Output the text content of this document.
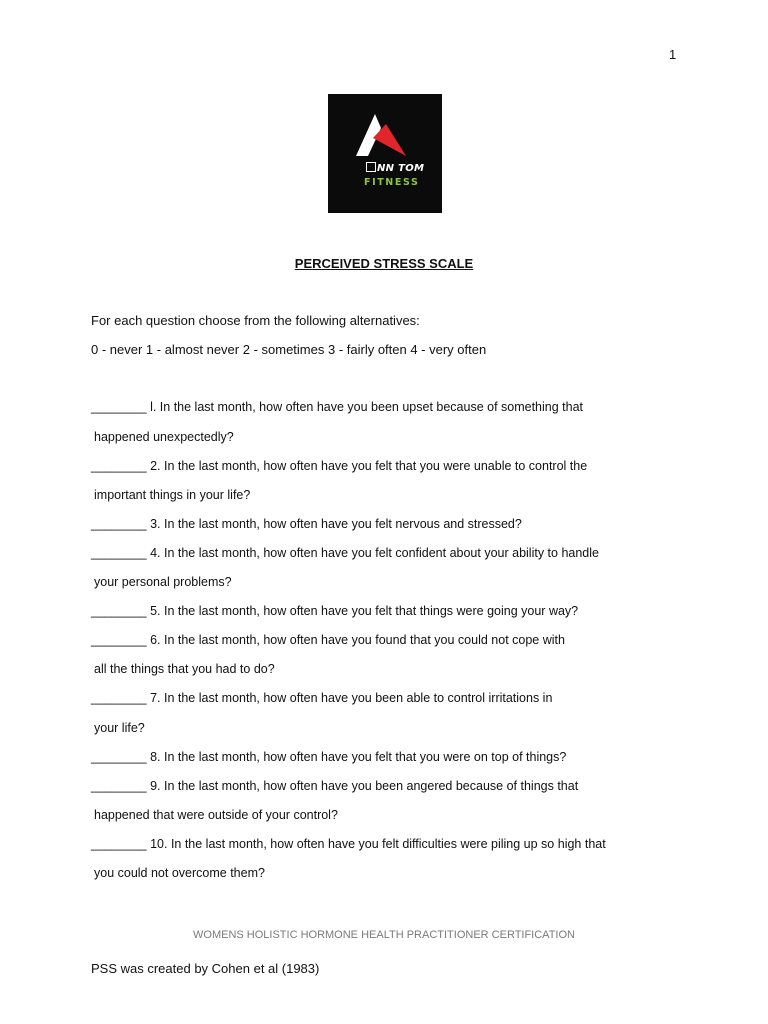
1
NN TOM
FITNESS
PERCEIVED STRESS SCALE
For each question choose from the following alternatives:
0 - never 1 - almost never 2 - sometimes 3 - fairly often 4 - very often
________ l. In the last month, how often have you been upset because of something that
happened unexpectedly?
________ 2. In the last month, how often have you felt that you were unable to control the
important things in your life?
________ 3. In the last month, how often have you felt nervous and stressed?
________ 4. In the last month, how often have you felt confident about your ability to handle
your personal problems?
________ 5. In the last month, how often have you felt that things were going your way?
________ 6. In the last month, how often have you found that you could not cope with
all the things that you had to do?
________ 7. In the last month, how often have you been able to control irritations in
your life?
________ 8. In the last month, how often have you felt that you were on top of things?
________ 9. In the last month, how often have you been angered because of things that
happened that were outside of your control?
________ 10. In the last month, how often have you felt difficulties were piling up so high that
you could not overcome them?
WOMENS HOLISTIC HORMONE HEALTH PRACTITIONER CERTIFICATION
PSS was created by Cohen et al (1983)
